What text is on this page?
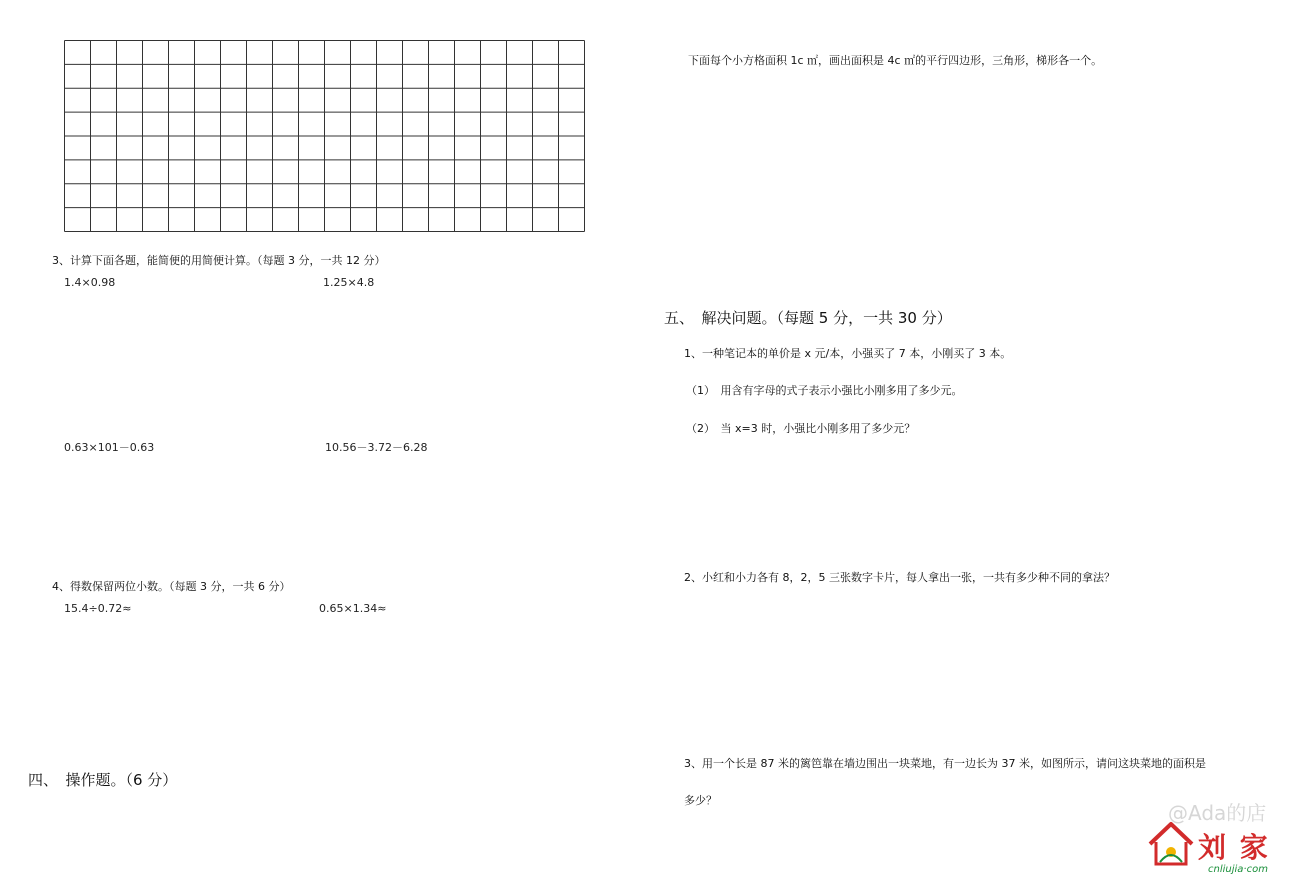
3、计算下面各题，能简便的用简便计算。（每题 3 分，一共 12 分）
1.4×0.98	1.25×4.8
0.63×101－0.63	10.56－3.72－6.28
4、得数保留两位小数。（每题 3 分，一共 6 分）
15.4÷0.72≈	0.65×1.34≈
四、　操作题。（6 分）
下面每个小方格面积 1c ㎡，画出面积是 4c ㎡的平行四边形，三角形，梯形各一个。
五、　解决问题。（每题 5 分，一共 30 分）
1、一种笔记本的单价是 x 元/本，小强买了 7 本，小刚买了 3 本。
（1）　用含有字母的式子表示小强比小刚多用了多少元。
（2）　当 x=3 时，小强比小刚多用了多少元？
2、小红和小力各有 8，2，5 三张数字卡片，每人拿出一张，一共有多少种不同的拿法？
3、用一个长是 87 米的篱笆靠在墙边围出一块菜地，有一边长为 37 米，如图所示，请问这块菜地的面积是
多少？
@Ada的店
刘 家
cnliujia·com
